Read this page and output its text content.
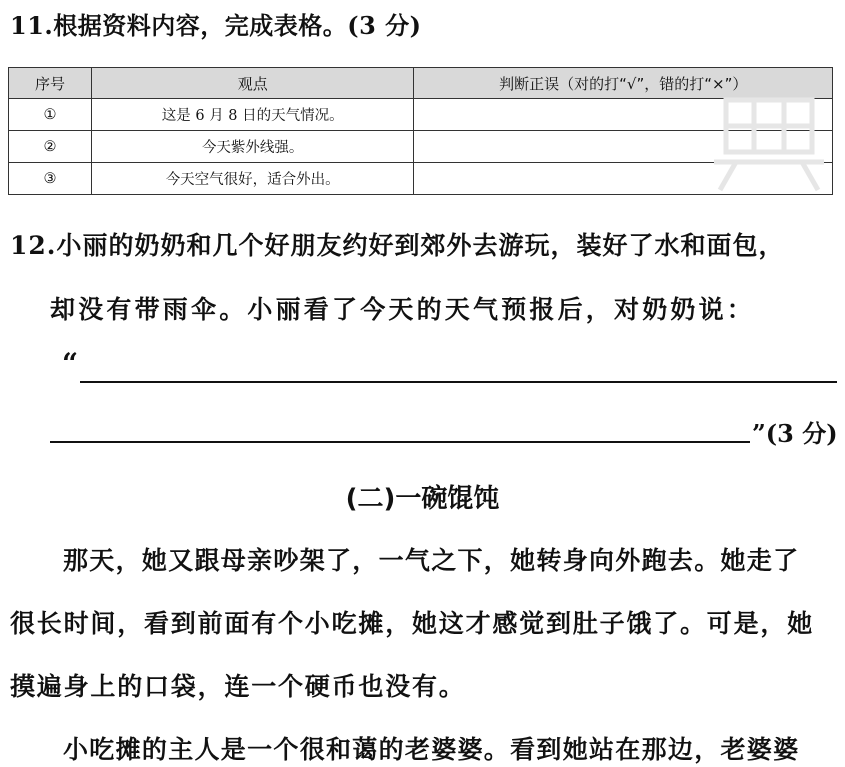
11.根据资料内容，完成表格。(3 分)
序号	观点	判断正误（对的打“√”，错的打“×”）
①	这是 6 月 8 日的天气情况。	
②	今天紫外线强。	
③	今天空气很好，适合外出。	
12.小丽的奶奶和几个好朋友约好到郊外去游玩，装好了水和面包，
却没有带雨伞。小丽看了今天的天气预报后，对奶奶说：
“
”(3 分)
(二)一碗馄饨
那天，她又跟母亲吵架了，一气之下，她转身向外跑去。她走了
很长时间，看到前面有个小吃摊，她这才感觉到肚子饿了。可是，她
摸遍身上的口袋，连一个硬币也没有。
小吃摊的主人是一个很和蔼的老婆婆。看到她站在那边，老婆婆
